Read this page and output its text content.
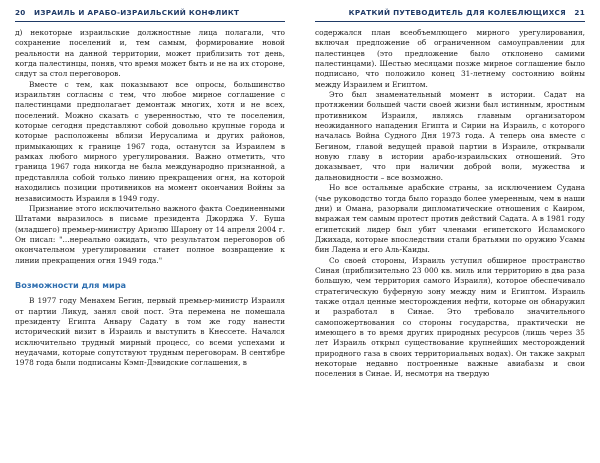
20 ИЗРАИЛЬ И АРАБО-ИЗРАИЛЬСКИЙ КОНФЛИКТ

д) некоторые израильские должностные лица полагали, что сохранение поселений и, тем самым, формирование новой реальности на данной территории, может приблизить тот день, когда палестинцы, поняв, что время может быть и не на их стороне, сядут за стол переговоров.

Вместе с тем, как показывают все опросы, большинство израильтян согласны с тем, что любое мирное соглашение с палестинцами предполагает демонтаж многих, хотя и не всех, поселений. Можно сказать с уверенностью, что те поселения, которые сегодня представляют собой довольно крупные города и которые расположены вблизи Иерусалима и других районов, примыкающих к границе 1967 года, останутся за Израилем в рамках любого мирного урегулирования. Важно отметить, что граница 1967 года никогда не была международно признанной, а представляла собой только линию прекращения огня, на которой находились позиции противников на момент окончания Войны за независимость Израиля в 1949 году.

Признание этого исключительно важного факта Соединенными Штатами выразилось в письме президента Джорджа У. Буша (младшего) премьер-министру Ариэлю Шарону от 14 апреля 2004 г. Он писал: "...нереально ожидать, что результатом переговоров об окончательном урегулировании станет полное возвращение к линии прекращения огня 1949 года."

Возможности для мира

В 1977 году Менахем Бегин, первый премьер-министр Израиля от партии Ликуд, занял свой пост. Эта перемена не помешала президенту Египта Анвару Садату в том же году нанести исторический визит в Израиль и выступить в Кнессете. Начался исключительно трудный мирный процесс, со всеми успехами и неудачами, которые сопутствуют трудным переговорам. В сентябре 1978 года были подписаны Кэмп-Дэвидские соглашения, в

КРАТКИЙ ПУТЕВОДИТЕЛЬ ДЛЯ КОЛЕБЛЮЩИХСЯ 21

содержался план всеобъемлющего мирного урегулирования, включая предложение об ограниченном самоуправлении для палестинцев (это предложение было отклонено самими палестинцами). Шестью месяцами позже мирное соглашение было подписано, что положило конец 31-летнему состоянию войны между Израилем и Египтом.

Это был знаменательный момент в истории. Садат на протяжении большей части своей жизни был истинным, яростным противником Израиля, являясь главным организатором неожиданного нападения Египта и Сирии на Израиль, с которого началась Война Судного Дня 1973 года. А теперь она вместе с Бегином, главой ведущей правой партии в Израиле, открывали новую главу в истории арабо-израильских отношений. Это доказывает, что при наличии доброй воли, мужества и дальновидности – все возможно.

Но все остальные арабские страны, за исключением Судана (чье руководство тогда было гораздо более умеренным, чем в наши дни) и Омана, разорвали дипломатические отношения с Каиром, выражая тем самым протест против действий Садата. А в 1981 году египетский лидер был убит членами египетского Исламского Джихада, которые впоследствии стали братьями по оружию Усамы бин Ладена и его Аль-Каиды.

Со своей стороны, Израиль уступил обширное пространство Синая (приблизительно 23 000 кв. миль или территорию в два раза большую, чем территория самого Израиля), которое обеспечивало стратегическую буферную зону между ним и Египтом. Израиль также отдал ценные месторождения нефти, которые он обнаружил и разработал в Синае. Это требовало значительного самопожертвования со стороны государства, практически не имеющего в то время других природных ресурсов (лишь через 35 лет Израиль открыл существование крупнейших месторождений природного газа в своих территориальных водах). Он также закрыл некоторые недавно построенные важные авиабазы и свои поселения в Синае. И, несмотря на твердую
